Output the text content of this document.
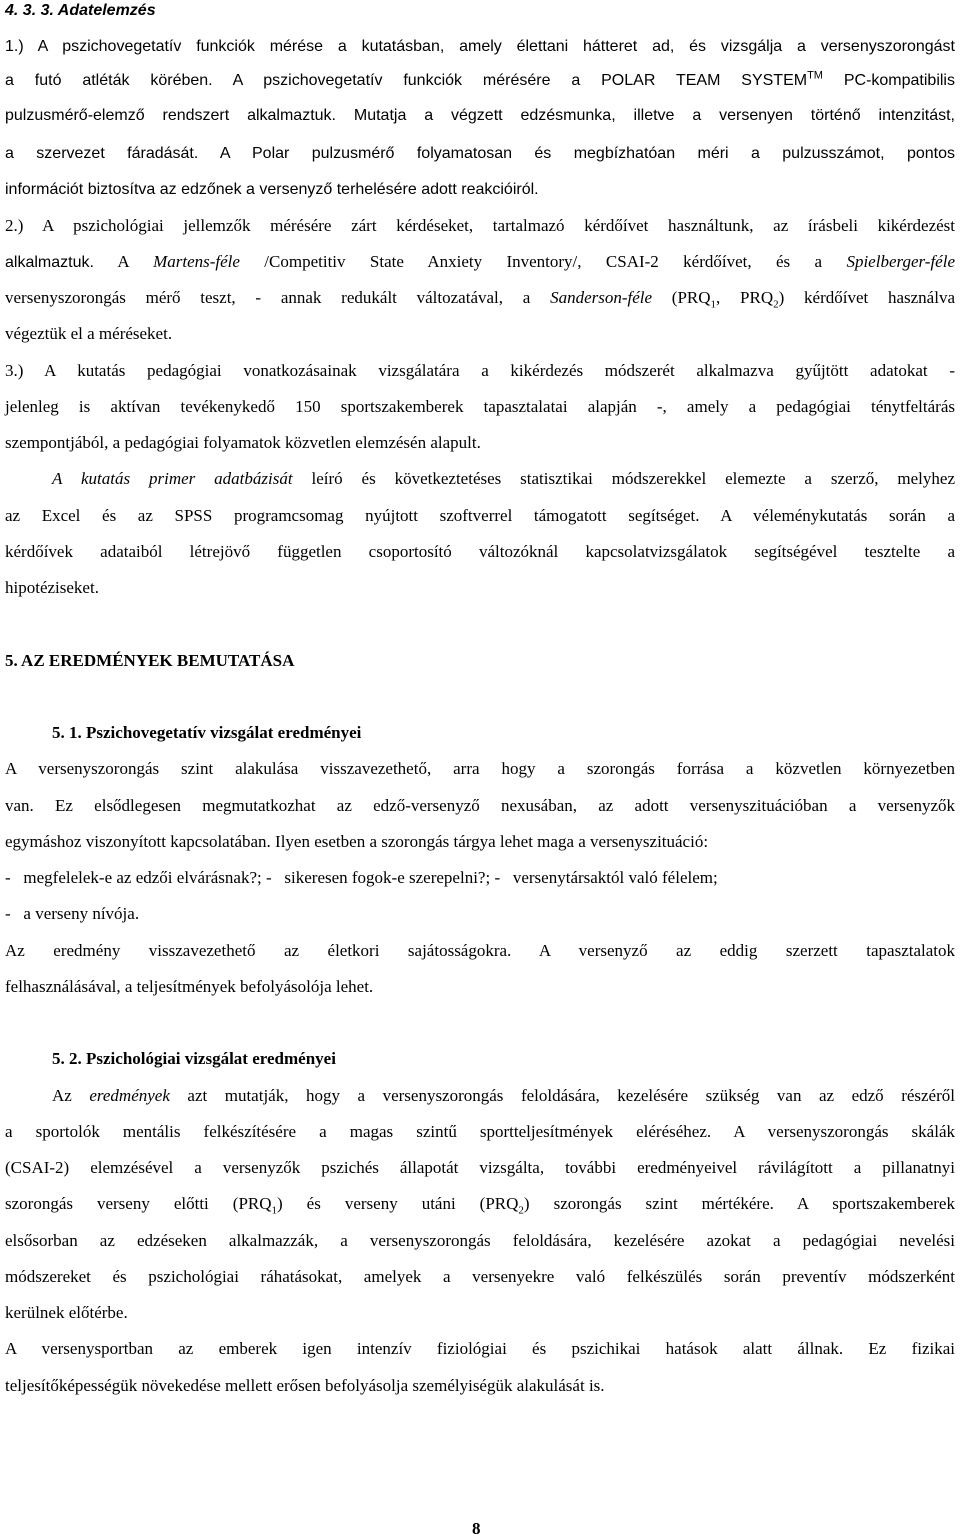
4. 3. 3. Adatelemzés
1.) A pszichovegetatív funkciók mérése a kutatásban, amely élettani hátteret ad, és vizsgálja a versenyszorongást
a futó atléták körében. A pszichovegetatív funkciók mérésére a POLAR TEAM SYSTEM™ PC-kompatibilis
pulzusmérő-elemző rendszert alkalmaztuk. Mutatja a végzett edzésmunka, illetve a versenyen történő intenzitást,
a szervezet fáradását. A Polar pulzusmérő folyamatosan és megbízhatóan méri a pulzusszámot, pontos
információt biztosítva az edzőnek a versenyző terhelésére adott reakcióiról.
2.) A pszichológiai jellemzők mérésére zárt kérdéseket, tartalmazó kérdőívet használtunk, az írásbeli kikérdezést
alkalmaztuk. A Martens-féle /Competitiv State Anxiety Inventory/, CSAI-2 kérdőívet, és a Spielberger-féle
versenyszorongás mérő teszt, - annak redukált változatával, a Sanderson-féle ($PRQ_1$, $PRQ_2$) kérdőívet használva
végeztük el a méréseket.
3.) A kutatás pedagógiai vonatkozásainak vizsgálatára a kikérdezés módszerét alkalmazva gyűjtött adatokat -
jelenleg is aktívan tevékenykedő 150 sportszakemberek tapasztalatai alapján -, amely a pedagógiai ténytfeltárás
szempontjából, a pedagógiai folyamatok közvetlen elemzésén alapult.
A kutatás primer adatbázisát leíró és következtetéses statisztikai módszerekkel elemezte a szerző, melyhez
az Excel és az SPSS programcsomag nyújtott szoftverrel támogatott segítséget. A véleménykutatás során a
kérdőívek adataiból létrejövő független csoportosító változóknál kapcsolatvizsgálatok segítségével tesztelte a
hipotéziseket.
5. AZ EREDMÉNYEK BEMUTATÁSA
5. 1. Pszichovegetatív vizsgálat eredményei
A versenyszorongás szint alakulása visszavezethető, arra hogy a szorongás forrása a közvetlen környezetben
van. Ez elsődlegesen megmutatkozhat az edző-versenyző nexusában, az adott versenyszituációban a versenyzők
egymáshoz viszonyított kapcsolatában. Ilyen esetben a szorongás tárgya lehet maga a versenyszituáció:
-   megfelelek-e az edzői elvárásnak?; -   sikeresen fogok-e szerepelni?; -   versenytársaktól való félelem;
-   a verseny nívója.
Az eredmény visszavezethető az életkori sajátosságokra. A versenyző az eddig szerzett tapasztalatok
felhasználásával, a teljesítmények befolyásolója lehet.
5. 2. Pszichológiai vizsgálat eredményei
Az eredmények azt mutatják, hogy a versenyszorongás feloldására, kezelésére szükség van az edző részéről
a sportolók mentális felkészítésére a magas szintű sportteljesítmények eléréséhez. A versenyszorongás skálák
(CSAI-2) elemzésével a versenyzők pszichés állapotát vizsgálta, további eredményeivel rávilágított a pillanatnyi
szorongás verseny előtti $(PRQ_1)$ és verseny utáni $(PRQ_2)$ szorongás szint mértékére. A sportszakemberek
elsősorban az edzéseken alkalmazzák, a versenyszorongás feloldására, kezelésére azokat a pedagógiai nevelési
módszereket és pszichológiai ráhatásokat, amelyek a versenyekre való felkészülés során preventív módszerként
kerülnek előtérbe.
A versenysportban az emberek igen intenzív fiziológiai és pszichikai hatások alatt állnak. Ez fizikai
teljesítőképességük növekedése mellett erősen befolyásolja személyiségük alakulását is.
8
